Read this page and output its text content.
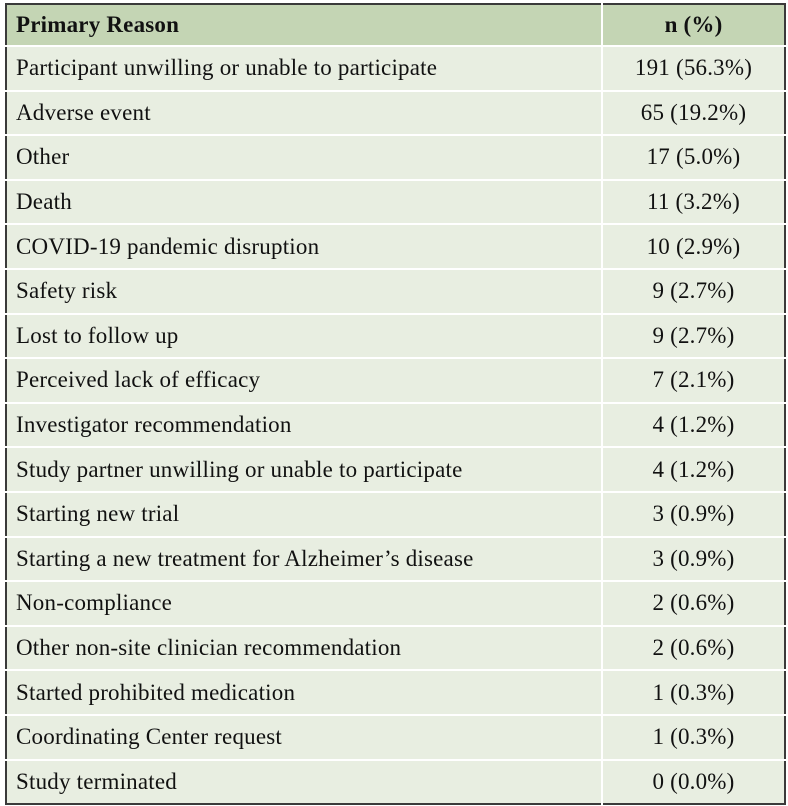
Primary Reason	n (%)
Participant unwilling or unable to participate	191 (56.3%)
Adverse event	65 (19.2%)
Other	17 (5.0%)
Death	11 (3.2%)
COVID-19 pandemic disruption	10 (2.9%)
Safety risk	9 (2.7%)
Lost to follow up	9 (2.7%)
Perceived lack of efficacy	7 (2.1%)
Investigator recommendation	4 (1.2%)
Study partner unwilling or unable to participate	4 (1.2%)
Starting new trial	3 (0.9%)
Starting a new treatment for Alzheimer’s disease	3 (0.9%)
Non-compliance	2 (0.6%)
Other non-site clinician recommendation	2 (0.6%)
Started prohibited medication	1 (0.3%)
Coordinating Center request	1 (0.3%)
Study terminated	0 (0.0%)
